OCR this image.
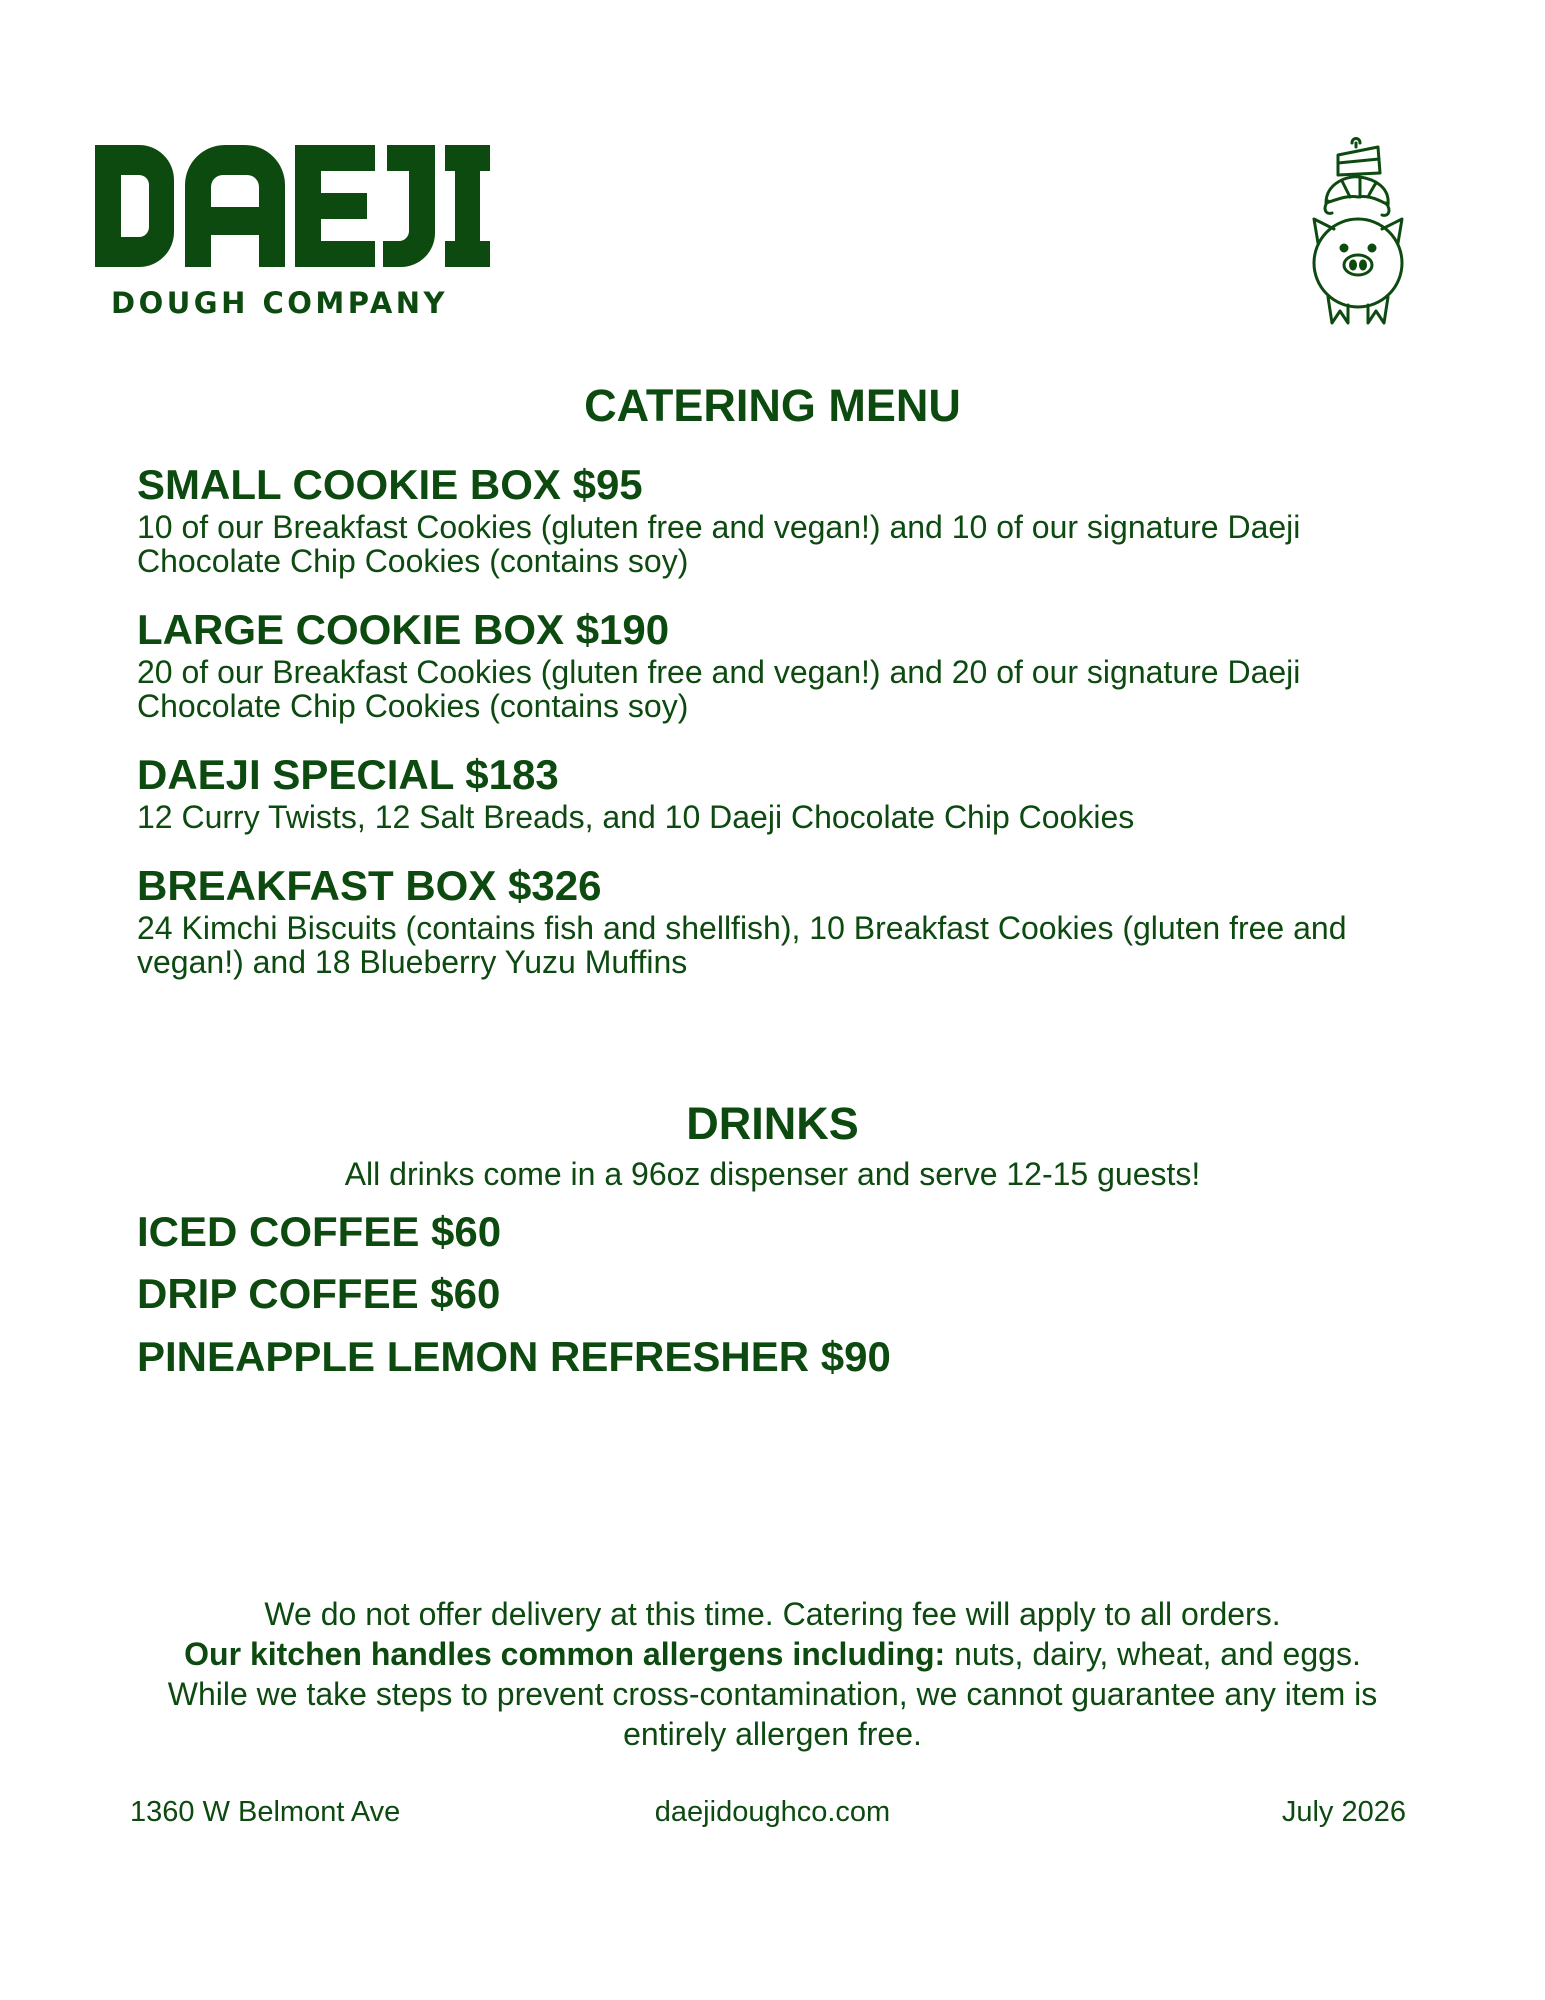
DOUGH COMPANY
CATERING MENU
SMALL COOKIE BOX $95
10 of our Breakfast Cookies (gluten free and vegan!) and 10 of our signature Daeji Chocolate Chip Cookies (contains soy)
LARGE COOKIE BOX $190
20 of our Breakfast Cookies (gluten free and vegan!) and 20 of our signature Daeji Chocolate Chip Cookies (contains soy)
DAEJI SPECIAL $183
12 Curry Twists, 12 Salt Breads, and 10 Daeji Chocolate Chip Cookies
BREAKFAST BOX $326
24 Kimchi Biscuits (contains fish and shellfish), 10 Breakfast Cookies (gluten free and vegan!) and 18 Blueberry Yuzu Muffins
DRINKS
All drinks come in a 96oz dispenser and serve 12-15 guests!
ICED COFFEE $60
DRIP COFFEE $60
PINEAPPLE LEMON REFRESHER $90
We do not offer delivery at this time. Catering fee will apply to all orders.
Our kitchen handles common allergens including: nuts, dairy, wheat, and eggs.
While we take steps to prevent cross-contamination, we cannot guarantee any item is entirely allergen free.
1360 W Belmont Ave	daejidoughco.com	July 2026
